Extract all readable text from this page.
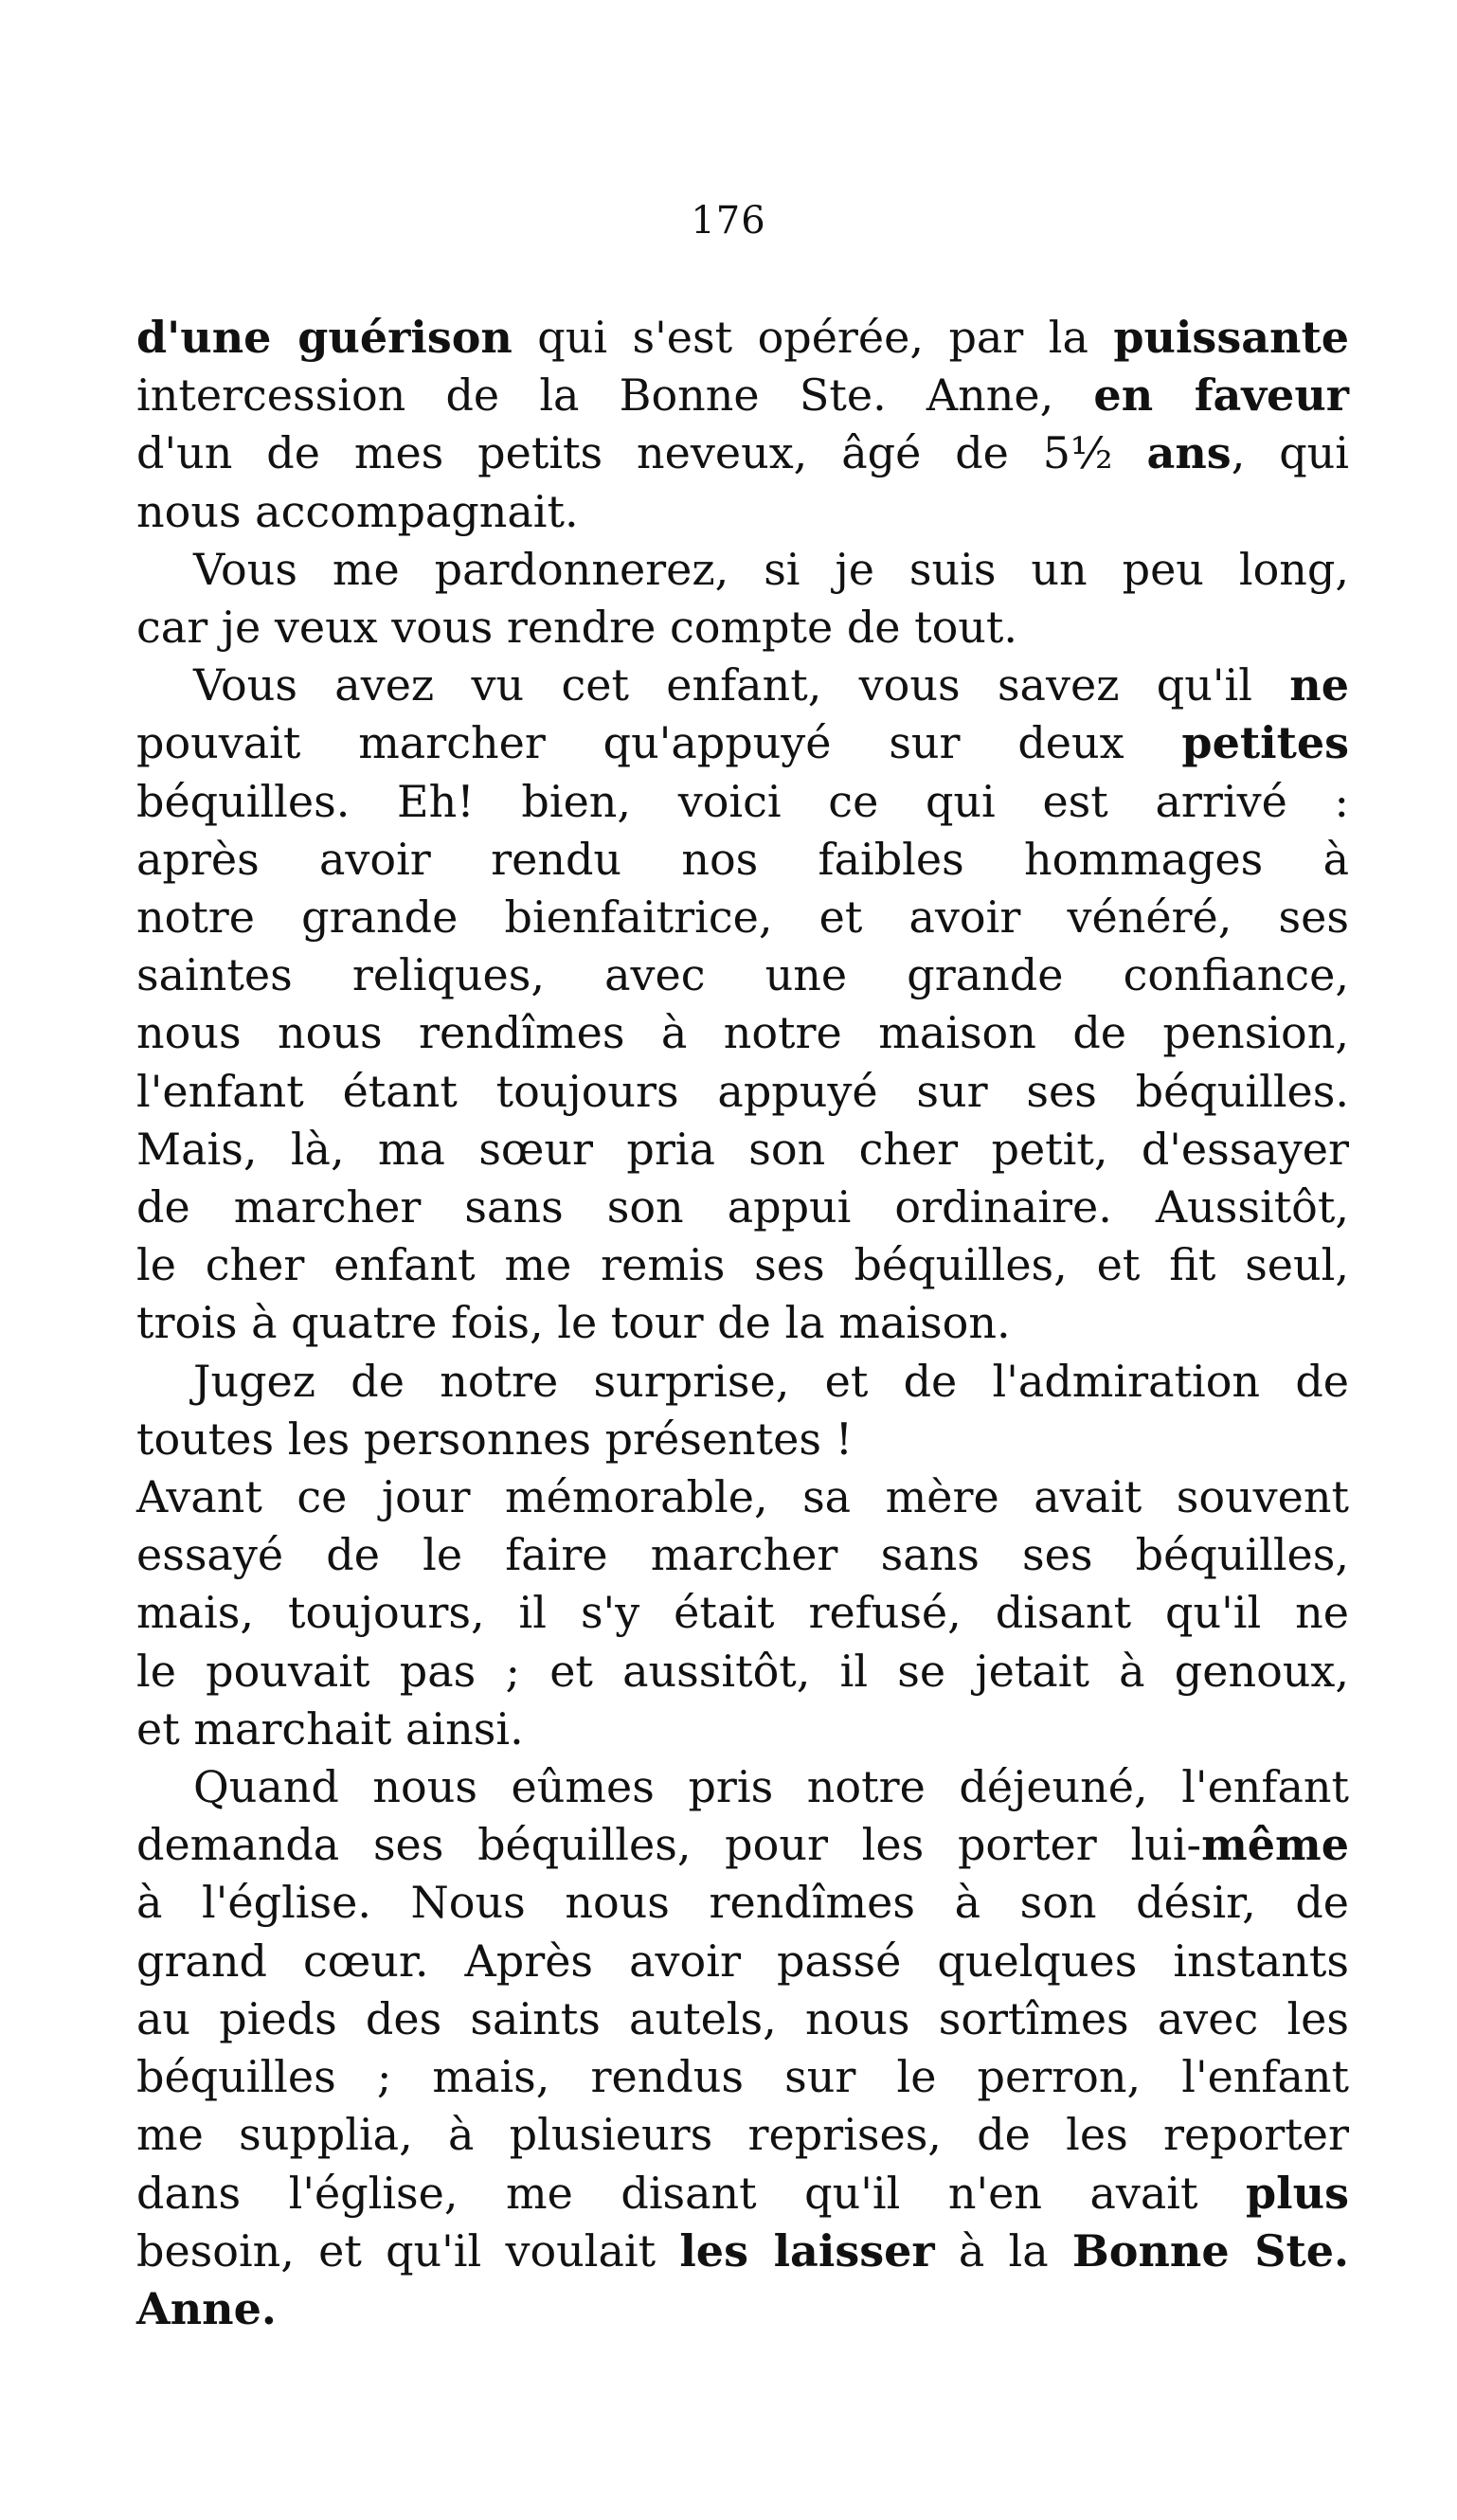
176
d'une guérison qui s'est opérée, par la puissante
intercession de la Bonne Ste. Anne, en faveur
d'un de mes petits neveux, âgé de 5½ ans, qui
nous accompagnait.
Vous me pardonnerez, si je suis un peu long,
car je veux vous rendre compte de tout.
Vous avez vu cet enfant, vous savez qu'il ne
pouvait marcher qu'appuyé sur deux petites
béquilles. Eh! bien, voici ce qui est arrivé :
après avoir rendu nos faibles hommages à
notre grande bienfaitrice, et avoir vénéré, ses
saintes reliques, avec une grande confiance,
nous nous rendîmes à notre maison de pension,
l'enfant étant toujours appuyé sur ses béquilles.
Mais, là, ma sœur pria son cher petit, d'essayer
de marcher sans son appui ordinaire. Aussitôt,
le cher enfant me remis ses béquilles, et fit seul,
trois à quatre fois, le tour de la maison.
Jugez de notre surprise, et de l'admiration de
toutes les personnes présentes !
Avant ce jour mémorable, sa mère avait souvent
essayé de le faire marcher sans ses béquilles,
mais, toujours, il s'y était refusé, disant qu'il ne
le pouvait pas ; et aussitôt, il se jetait à genoux,
et marchait ainsi.
Quand nous eûmes pris notre déjeuné, l'enfant
demanda ses béquilles, pour les porter lui-même
à l'église. Nous nous rendîmes à son désir, de
grand cœur. Après avoir passé quelques instants
au pieds des saints autels, nous sortîmes avec les
béquilles ; mais, rendus sur le perron, l'enfant
me supplia, à plusieurs reprises, de les reporter
dans l'église, me disant qu'il n'en avait plus
besoin, et qu'il voulait les laisser à la Bonne Ste.
Anne.
